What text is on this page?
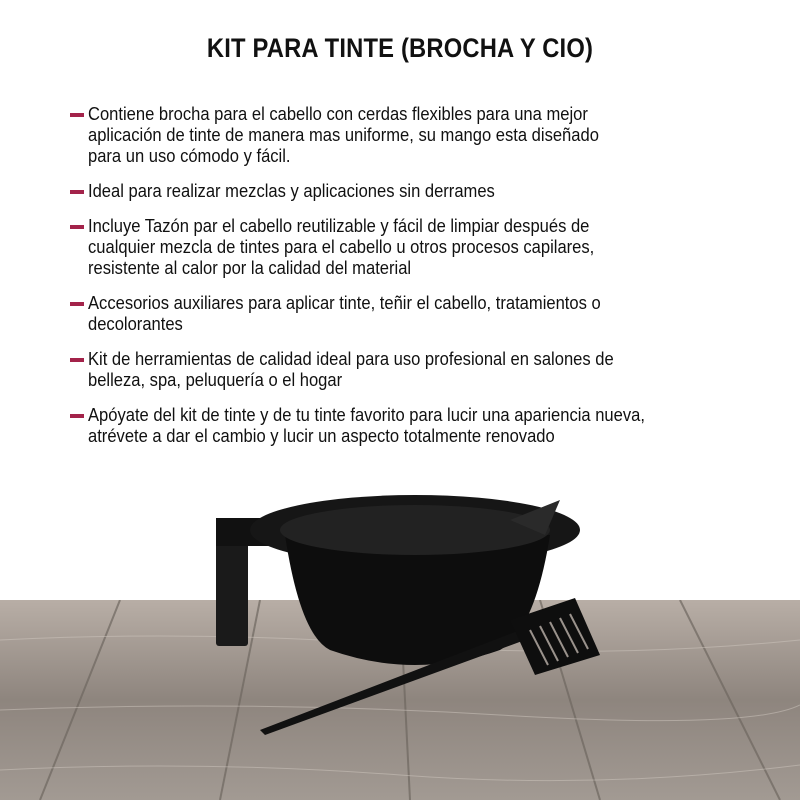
KIT PARA TINTE (BROCHA Y CIO)
Contiene brocha para el cabello con cerdas flexibles para una mejor
aplicación de tinte de manera mas uniforme, su mango esta diseñado
para un uso cómodo y fácil.
Ideal para realizar mezclas y aplicaciones sin derrames
Incluye Tazón par el cabello reutilizable y fácil de limpiar después de
cualquier mezcla de tintes para el cabello u otros procesos capilares,
resistente al calor por la calidad del material
Accesorios auxiliares para aplicar tinte, teñir el cabello, tratamientos o
decolorantes
Kit de herramientas de calidad ideal para uso profesional en salones de
belleza, spa, peluquería o el hogar
Apóyate del kit de tinte y de tu tinte favorito para lucir una apariencia nueva,
atrévete a dar el cambio y lucir un aspecto totalmente renovado
